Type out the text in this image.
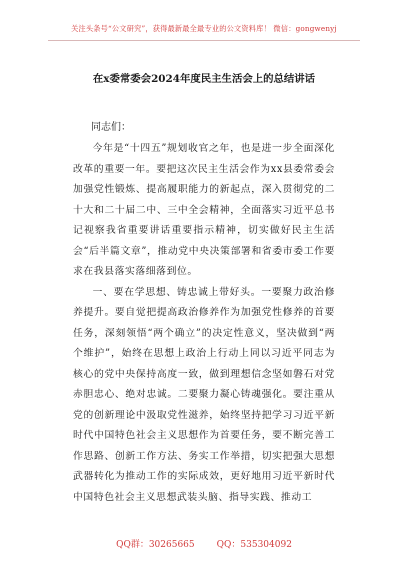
关注头条号“公文研究”，获得最新最全最专业的公文资料库！ 微信：gongwenyj
在x委常委会2024年度民主生活会上的总结讲话
同志们：

今年是“十四五”规划收官之年，也是进一步全面深化改革的重要一年。要把这次民主生活会作为xx县委常委会加强党性锻炼、提高履职能力的新起点，深入贯彻党的二十大和二十届二中、三中全会精神，全面落实习近平总书记视察我省重要讲话重要指示精神，切实做好民主生活会“后半篇文章”，推动党中央决策部署和省委市委工作要求在我县落实落细落到位。

一、要在学思想、铸忠诚上带好头。一要聚力政治修养提升。要自觉把提高政治修养作为加强党性修养的首要任务，深刻领悟“两个确立”的决定性意义，坚决做到“两个维护”，始终在思想上政治上行动上同以习近平同志为核心的党中央保持高度一致，做到理想信念坚如磐石对党赤胆忠心、绝对忠诚。二要聚力凝心铸魂强化。要注重从党的创新理论中汲取党性滋养，始终坚持把学习习近平新时代中国特色社会主义思想作为首要任务，要不断完善工作思路、创新工作方法、务实工作举措，切实把强大思想武器转化为推动工作的实际成效，更好地用习近平新时代中国特色社会主义思想武装头脑、指导实践、推动工

QQ群：30265665 QQ：535304092
